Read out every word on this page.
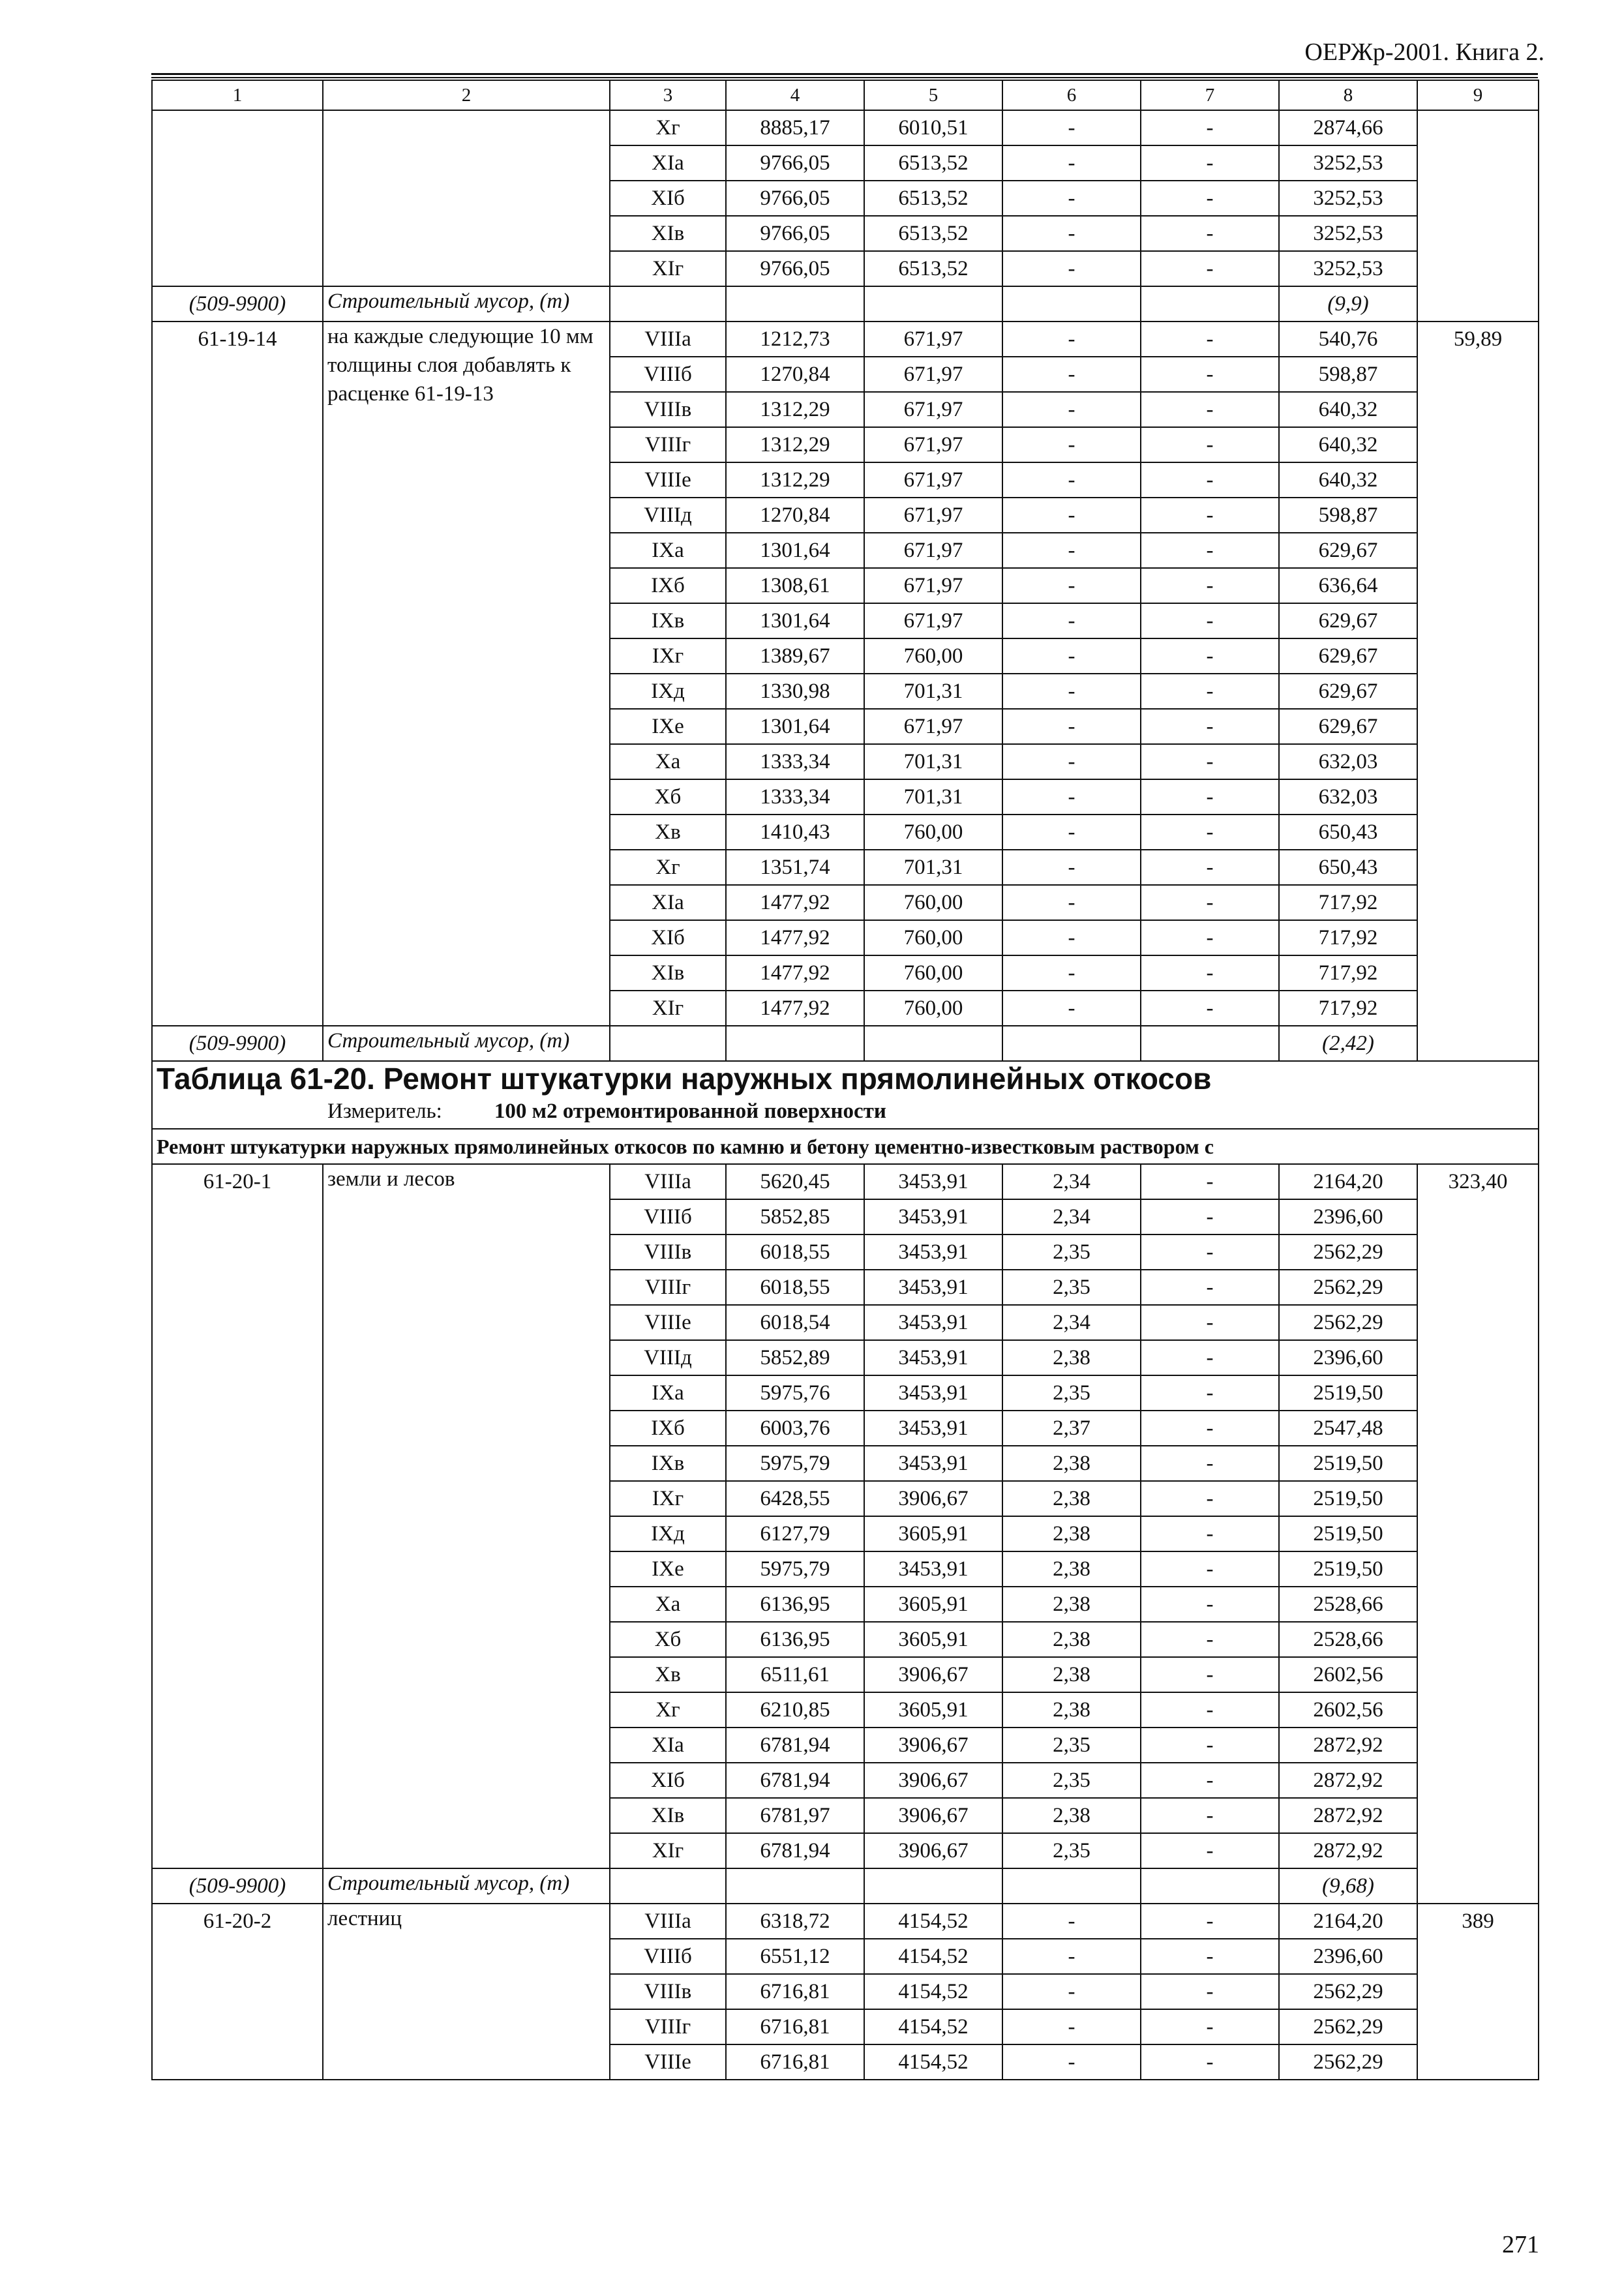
ОЕРЖр-2001. Книга 2.
1	2	3	4	5	6	7	8	9
		Xг	8885,17	6010,51	-	-	2874,66	
		XIа	9766,05	6513,52	-	-	3252,53	
		XIб	9766,05	6513,52	-	-	3252,53	
		XIв	9766,05	6513,52	-	-	3252,53	
		XIг	9766,05	6513,52	-	-	3252,53	
(509-9900)	Строительный мусор, (т)						(9,9)	
61-19-14	на каждые следующие 10 мм толщины слоя добавлять к расценке 61-19-13	VIIIа	1212,73	671,97	-	-	540,76	59,89
		VIIIб	1270,84	671,97	-	-	598,87	
		VIIIв	1312,29	671,97	-	-	640,32	
		VIIIг	1312,29	671,97	-	-	640,32	
		VIIIе	1312,29	671,97	-	-	640,32	
		VIIIд	1270,84	671,97	-	-	598,87	
		IXа	1301,64	671,97	-	-	629,67	
		IXб	1308,61	671,97	-	-	636,64	
		IXв	1301,64	671,97	-	-	629,67	
		IXг	1389,67	760,00	-	-	629,67	
		IXд	1330,98	701,31	-	-	629,67	
		IXе	1301,64	671,97	-	-	629,67	
		Xа	1333,34	701,31	-	-	632,03	
		Xб	1333,34	701,31	-	-	632,03	
		Xв	1410,43	760,00	-	-	650,43	
		Xг	1351,74	701,31	-	-	650,43	
		XIа	1477,92	760,00	-	-	717,92	
		XIб	1477,92	760,00	-	-	717,92	
		XIв	1477,92	760,00	-	-	717,92	
		XIг	1477,92	760,00	-	-	717,92	
(509-9900)	Строительный мусор, (т)						(2,42)	
Таблица 61-20. Ремонт штукатурки наружных прямолинейных откосов
Измеритель: 100 м2 отремонтированной поверхности								

Ремонт штукатурки наружных прямолинейных откосов по камню и бетону цементно-известковым раствором с								
61-20-1	земли и лесов	VIIIа	5620,45	3453,91	2,34	-	2164,20	323,40
		VIIIб	5852,85	3453,91	2,34	-	2396,60	
		VIIIв	6018,55	3453,91	2,35	-	2562,29	
		VIIIг	6018,55	3453,91	2,35	-	2562,29	
		VIIIе	6018,54	3453,91	2,34	-	2562,29	
		VIIIд	5852,89	3453,91	2,38	-	2396,60	
		IXа	5975,76	3453,91	2,35	-	2519,50	
		IXб	6003,76	3453,91	2,37	-	2547,48	
		IXв	5975,79	3453,91	2,38	-	2519,50	
		IXг	6428,55	3906,67	2,38	-	2519,50	
		IXд	6127,79	3605,91	2,38	-	2519,50	
		IXе	5975,79	3453,91	2,38	-	2519,50	
		Xа	6136,95	3605,91	2,38	-	2528,66	
		Xб	6136,95	3605,91	2,38	-	2528,66	
		Xв	6511,61	3906,67	2,38	-	2602,56	
		Xг	6210,85	3605,91	2,38	-	2602,56	
		XIа	6781,94	3906,67	2,35	-	2872,92	
		XIб	6781,94	3906,67	2,35	-	2872,92	
		XIв	6781,97	3906,67	2,38	-	2872,92	
		XIг	6781,94	3906,67	2,35	-	2872,92	
(509-9900)	Строительный мусор, (т)						(9,68)	
61-20-2	лестниц	VIIIа	6318,72	4154,52	-	-	2164,20	389
		VIIIб	6551,12	4154,52	-	-	2396,60	
		VIIIв	6716,81	4154,52	-	-	2562,29	
		VIIIг	6716,81	4154,52	-	-	2562,29	
		VIIIе	6716,81	4154,52	-	-	2562,29	
271
